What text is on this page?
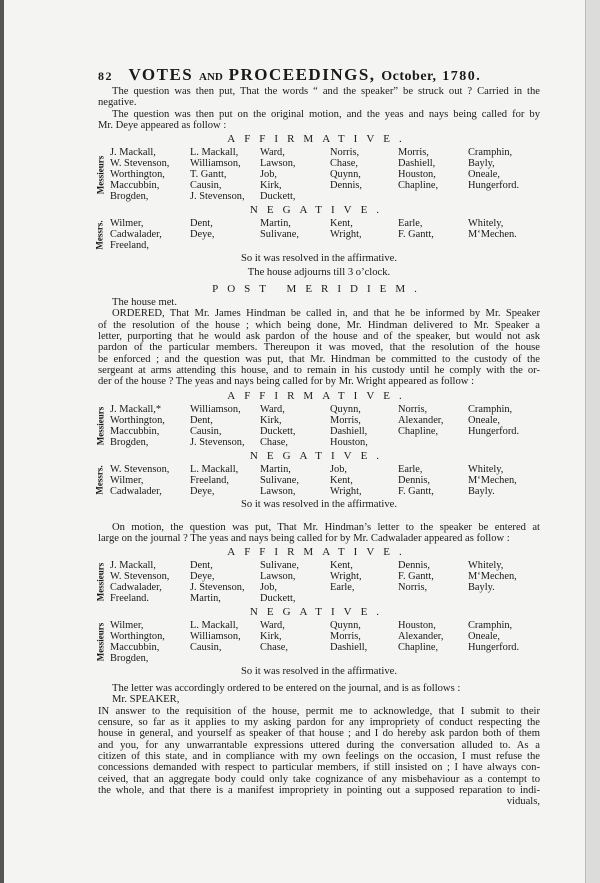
82 VOTES AND PROCEEDINGS, October, 1780.
The question was then put, That the words “ and the speaker” be struck out ? Carried in the
negative.
The question was then put on the original motion, and the yeas and nays being called for by
Mr. Deye appeared as follow :
AFFIRMATIVE.
Messieurs
J. Mackall,	L. Mackall,	Ward,	Norris,	Morris,	Cramphin,
W. Stevenson,	Williamson,	Lawson,	Chase,	Dashiell,	Bayly,
Worthington,	T. Gantt,	Job,	Quynn,	Houston,	Oneale,
Maccubbin,	Causin,	Kirk,	Dennis,	Chapline,	Hungerford.
Brogden,	J. Stevenson,	Duckett,
NEGATIVE.
Messrs. Wilmer,	Dent,	Martin,	Kent,	Earle,	Whitely,
Cadwalader,	Deye,	Sulivane,	Wright,	F. Gantt,	M‘Mechen.
Freeland,
So it was resolved in the affirmative.
The house adjourns till 3 o’clock.
POST MERIDIEM.
The house met.
ORDERED, That Mr. James Hindman be called in, and that he be informed by Mr. Speaker
of the resolution of the house ; which being done, Mr. Hindman delivered to Mr. Speaker a
letter, purporting that he would ask pardon of the house and of the speaker, but would not ask
pardon of the particular members. Thereupon it was moved, that the resolution of the house
be enforced ; and the question was put, that Mr. Hindman be committed to the custody of the
sergeant at arms attending this house, and to remain in his custody until he comply with the or-
der of the house ? The yeas and nays being called for by Mr. Wright appeared as follow :
AFFIRMATIVE.
Messieurs J. Mackall,*	Williamson,	Ward,	Quynn,	Norris,	Cramphin,
Worthington,	Dent,	Kirk,	Morris,	Alexander,	Oneale,
Maccubbin,	Causin,	Duckett,	Dashiell,	Chapline,	Hungerford.
Brogden,	J. Stevenson,	Chase,	Houston,
NEGATIVE.
Messrs. W. Stevenson,	L. Mackall,	Martin,	Job,	Earle,	Whitely,
Wilmer,	Freeland,	Sulivane,	Kent,	Dennis,	M‘Mechen,
Cadwalader,	Deye,	Lawson,	Wright,	F. Gantt,	Bayly.
So it was resolved in the affirmative.
On motion, the question was put, That Mr. Hindman’s letter to the speaker be entered at
large on the journal ? The yeas and nays being called for by Mr. Cadwalader appeared as follow :
AFFIRMATIVE.
Messieurs J. Mackall,	Dent,	Sulivane,	Kent,	Dennis,	Whitely,
W. Stevenson,	Deye,	Lawson,	Wright,	F. Gantt,	M‘Mechen,
Cadwalader,	J. Stevenson,	Job,	Earle,	Norris,	Bayly.
Freeland.	Martin,	Duckett,
NEGATIVE.
Messieurs Wilmer,	L. Mackall,	Ward,	Quynn,	Houston,	Cramphin,
Worthington,	Williamson,	Kirk,	Morris,	Alexander,	Oneale,
Maccubbin,	Causin,	Chase,	Dashiell,	Chapline,	Hungerford.
Brogden,
So it was resolved in the affirmative.
The letter was accordingly ordered to be entered on the journal, and is as follows :
Mr. SPEAKER,
IN answer to the requisition of the house, permit me to acknowledge, that I submit to their
censure, so far as it applies to my asking pardon for any impropriety of conduct respecting the
house in general, and yourself as speaker of that house ; and I do hereby ask pardon both of them
and you, for any unwarrantable expressions uttered during the conversation alluded to. As a
citizen of this state, and in compliance with my own feelings on the occasion, I must refuse the
concessions demanded with respect to particular members, if still insisted on ; I have always con-
ceived, that an aggregate body could only take cognizance of any misbehaviour as a contempt to
the whole, and that there is a manifest impropriety in pointing out a supposed reparation to indi-
viduals,
